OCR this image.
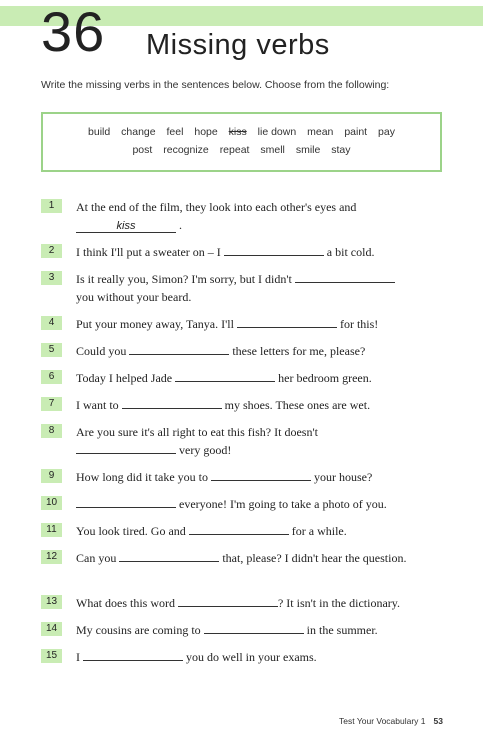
36 Missing verbs
Write the missing verbs in the sentences below. Choose from the following:
build change feel hope kiss lie down mean paint pay
post recognize repeat smell smile stay
1	At the end of the film, they look into each other's eyes and
kiss	.
2	I think I'll put a sweater on – I	a bit cold.
3	Is it really you, Simon? I'm sorry, but I didn't
you without your beard.
4	Put your money away, Tanya. I'll	for this!
5	Could you	these letters for me, please?
6	Today I helped Jade	her bedroom green.
7	I want to	my shoes. These ones are wet.
8	Are you sure it's all right to eat this fish? It doesn't
very good!
9	How long did it take you to	your house?
10	everyone! I'm going to take a photo of you.
11	You look tired. Go and	for a while.
12	Can you	that, please? I didn't hear the question.
13	What does this word	? It isn't in the dictionary.
14	My cousins are coming to	in the summer.
15	I	you do well in your exams.
Test Your Vocabulary 1 53
